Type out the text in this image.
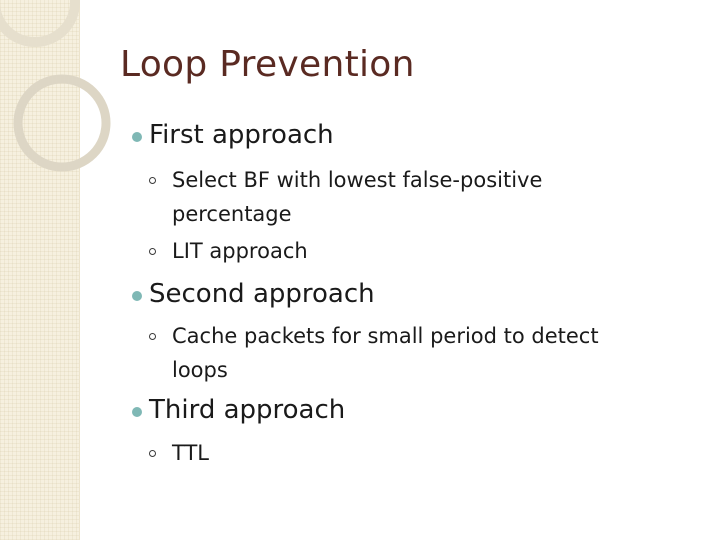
Loop Prevention
First approach
Select BF with lowest false-positive
percentage
LIT approach
Second approach
Cache packets for small period to detect
loops
Third approach
TTL
